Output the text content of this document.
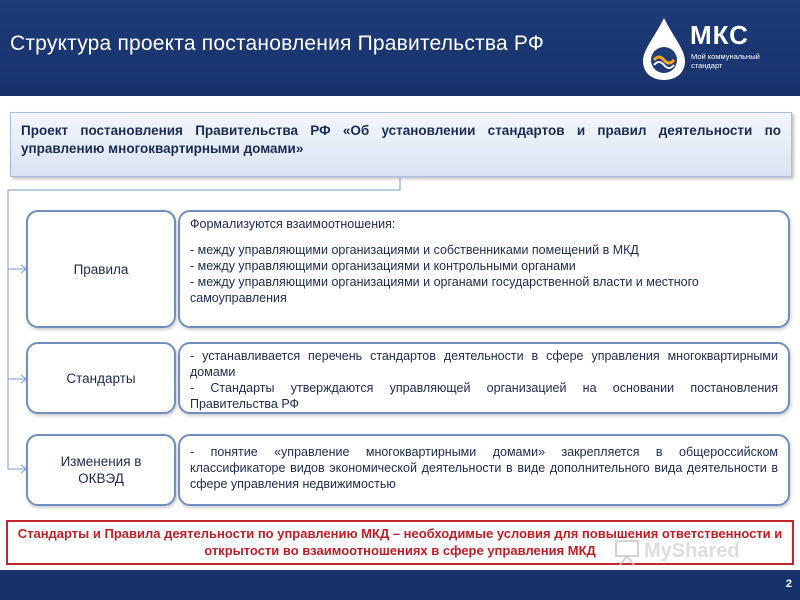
Структура проекта постановления Правительства РФ	МКС
Мой коммунальный стандарт
Проект постановления Правительства РФ «Об установлении стандартов и правил деятельности по управлению многоквартирными домами»
Правила
Формализуются взаимоотношения:
- между управляющими организациями и собственниками помещений в МКД
- между управляющими организациями и контрольными органами
- между управляющими организациями и органами государственной власти и местного самоуправления
Стандарты
- устанавливается перечень стандартов деятельности в сфере управления многоквартирными домами
- Стандарты утверждаются управляющей организацией на основании постановления Правительства РФ
Изменения в ОКВЭД
- понятие «управление многоквартирными домами» закрепляется в общероссийском классификаторе видов экономической деятельности в виде дополнительного вида деятельности в сфере управления недвижимостью
Стандарты и Правила деятельности по управлению МКД – необходимые условия для повышения ответственности и открытости во взаимоотношениях в сфере управления МКД	MyShared
2
